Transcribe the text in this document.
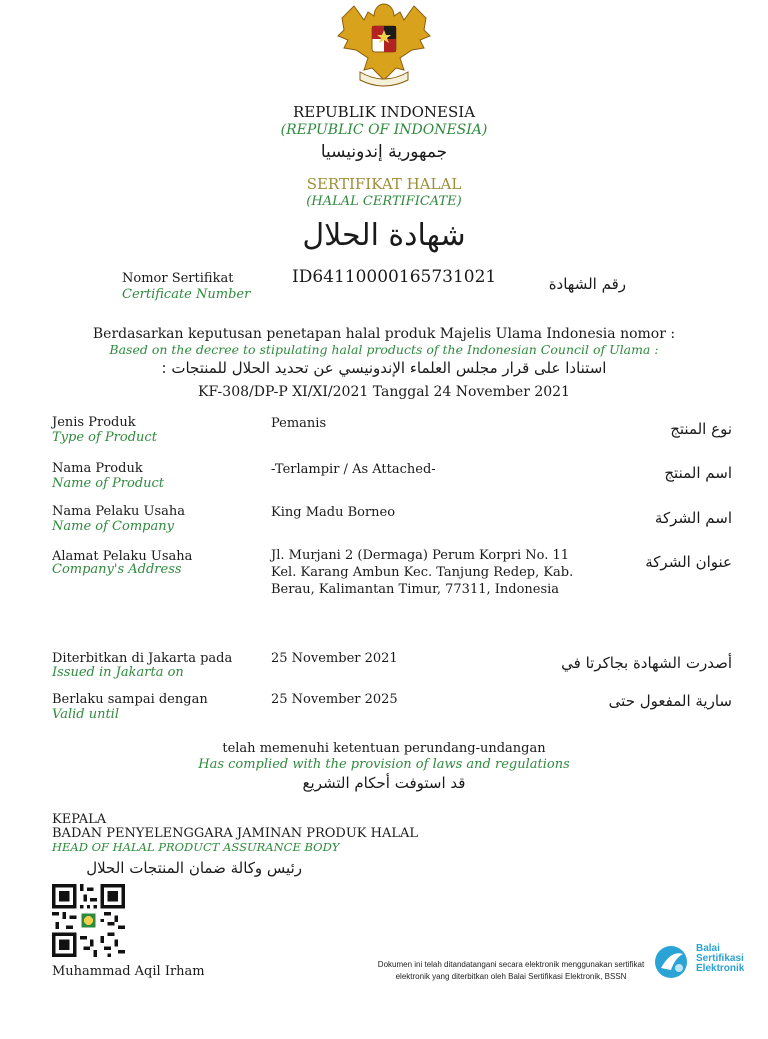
REPUBLIK INDONESIA
(REPUBLIC OF INDONESIA)
جمهورية إندونيسيا
SERTIFIKAT HALAL
(HALAL CERTIFICATE)
شهادة الحلال
Nomor Sertifikat
Certificate Number
ID64110000165731021	رقم الشهادة
Berdasarkan keputusan penetapan halal produk Majelis Ulama Indonesia nomor :
Based on the decree to stipulating halal products of the Indonesian Council of Ulama :
استنادا على قرار مجلس العلماء الإندونيسي عن تحديد الحلال للمنتجات :
KF-308/DP-P XI/XI/2021 Tanggal 24 November 2021
Jenis Produk
Type of Product
Pemanis	نوع المنتج
Nama Produk
Name of Product
-Terlampir / As Attached-	اسم المنتج
Nama Pelaku Usaha
Name of Company
King Madu Borneo	اسم الشركة
Alamat Pelaku Usaha
Company's Address
Jl. Murjani 2 (Dermaga) Perum Korpri No. 11
Kel. Karang Ambun Kec. Tanjung Redep, Kab.
Berau, Kalimantan Timur, 77311, Indonesia
عنوان الشركة
Diterbitkan di Jakarta pada
Issued in Jakarta on
25 November 2021	أصدرت الشهادة بجاكرتا في
Berlaku sampai dengan
Valid until
25 November 2025	سارية المفعول حتى
telah memenuhi ketentuan perundang-undangan
Has complied with the provision of laws and regulations
قد استوفت أحكام التشريع
KEPALA
BADAN PENYELENGGARA JAMINAN PRODUK HALAL
HEAD OF HALAL PRODUCT ASSURANCE BODY
رئيس وكالة ضمان المنتجات الحلال
Muhammad Aqil Irham	Dokumen ini telah ditandatangani secara elektronik menggunakan sertifikat
elektronik yang diterbitkan oleh Balai Sertifikasi Elektronik, BSSN
Balai
Sertifikasi
Elektronik
